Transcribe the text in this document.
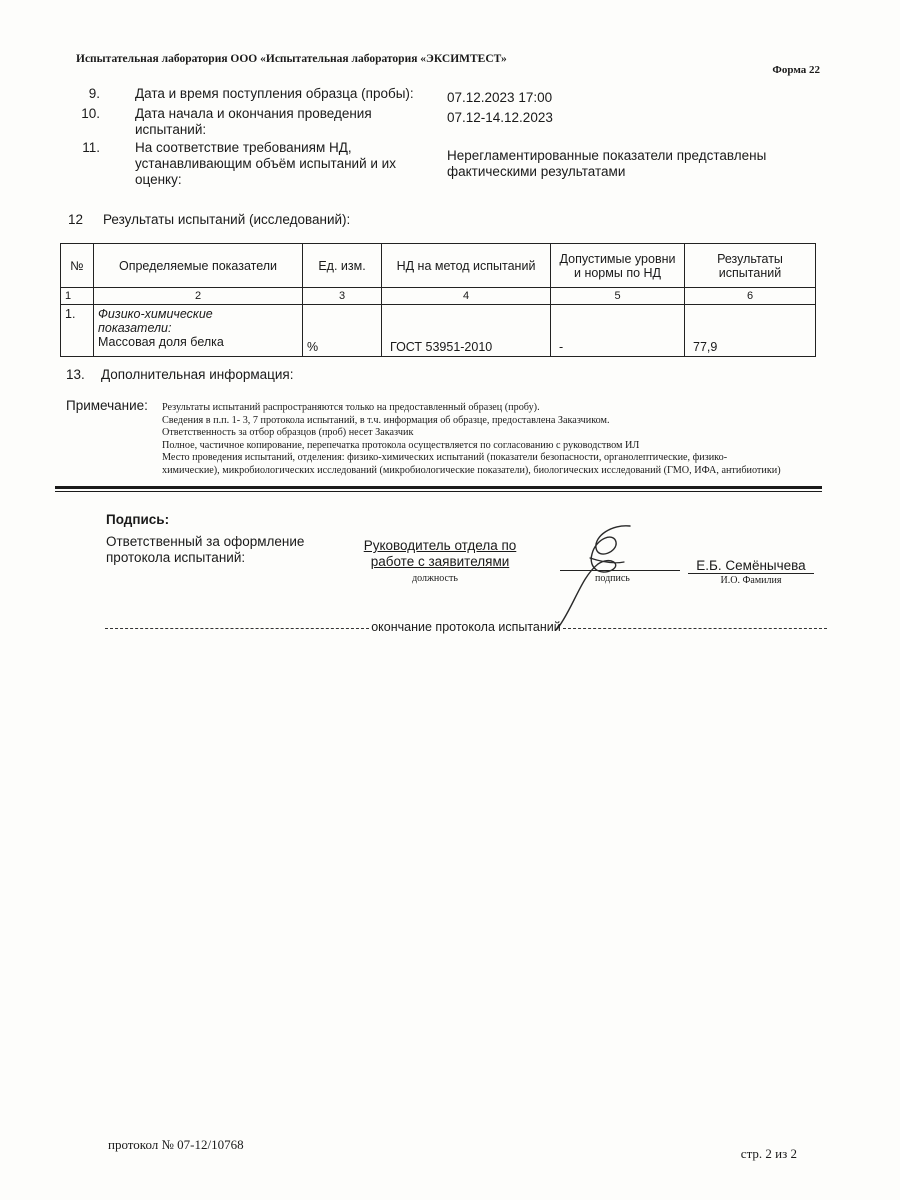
Испытательная лаборатория ООО «Испытательная лаборатория «ЭКСИМТЕСТ»
Форма 22
9.	Дата и время поступления образца (пробы):	07.12.2023 17:00
10.	Дата начала и окончания проведения испытаний:
07.12-14.12.2023
11.	На соответствие требованиям НД, устанавливающим объём испытаний и их оценку:
Нерегламентированные показатели представлены фактическими результатами
12 Результаты испытаний (исследований):
№	Определяемые показатели	Ед. изм.	НД на метод испытаний	Допустимые уровни и нормы по НД	Результаты испытаний
1	2	3	4	5	6
1.	Физико-химические показатели:
Массовая доля белка	%	ГОСТ 53951-2010	-	77,9
13. Дополнительная информация:
Примечание: Результаты испытаний распространяются только на предоставленный образец (пробу).
Сведения в п.п. 1- 3, 7 протокола испытаний, в т.ч. информация об образце, предоставлена Заказчиком.
Ответственность за отбор образцов (проб) несет Заказчик
Полное, частичное копирование, перепечатка протокола осуществляется по согласованию с руководством ИЛ
Место проведения испытаний, отделения: физико-химических испытаний (показатели безопасности, органолептические, физико-химические), микробиологических исследований (микробиологические показатели), биологических исследований (ГМО, ИФА, антибиотики)
Подпись:
Ответственный за оформление протокола испытаний:
Руководитель отдела по работе с заявителями
должность	подпись
Е.Б. Семёнычева
И.О. Фамилия
окончание протокола испытаний
протокол № 07-12/10768
стр. 2 из 2
